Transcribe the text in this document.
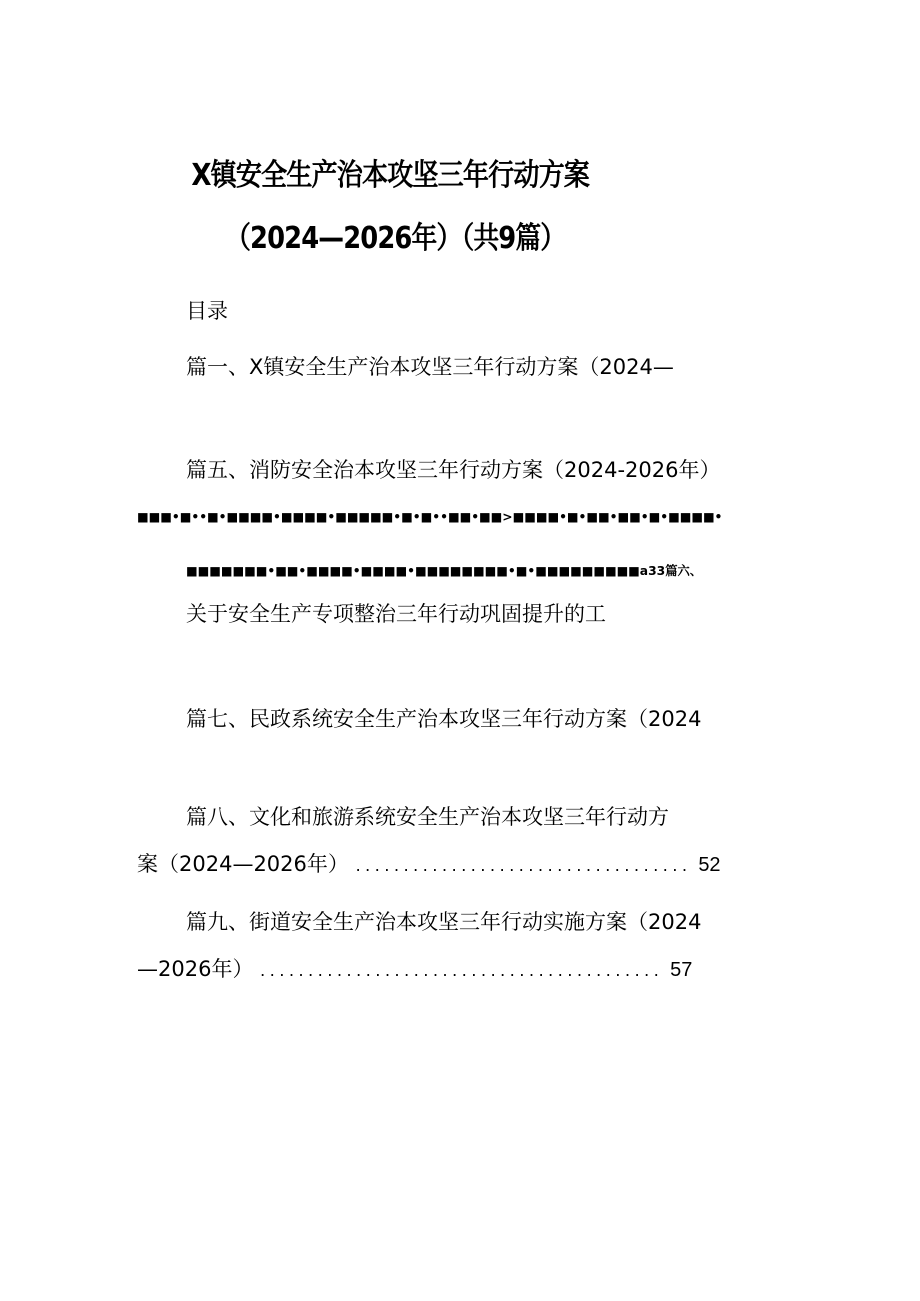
X镇安全生产治本攻坚三年行动方案
（2024—2026年）（共9篇）
目录
篇一、X镇安全生产治本攻坚三年行动方案（2024—
篇五、消防安全治本攻坚三年行动方案（2024-2026年）
■■■•■••■•■■■■•■■■■•■■■■■•■•■••■■•■■>■■■■•■•■■•■■•■•■■■■•
■■■■■■■•■■•■■■■•■■■■•■■■■■■■■•■•■■■■■■■■■a33篇六、
关于安全生产专项整治三年行动巩固提升的工
篇七、民政系统安全生产治本攻坚三年行动方案（2024
篇八、文化和旅游系统安全生产治本攻坚三年行动方
案（2024—2026年） ................................... 52
篇九、街道安全生产治本攻坚三年行动实施方案（2024
—2026年） .......................................... 57
